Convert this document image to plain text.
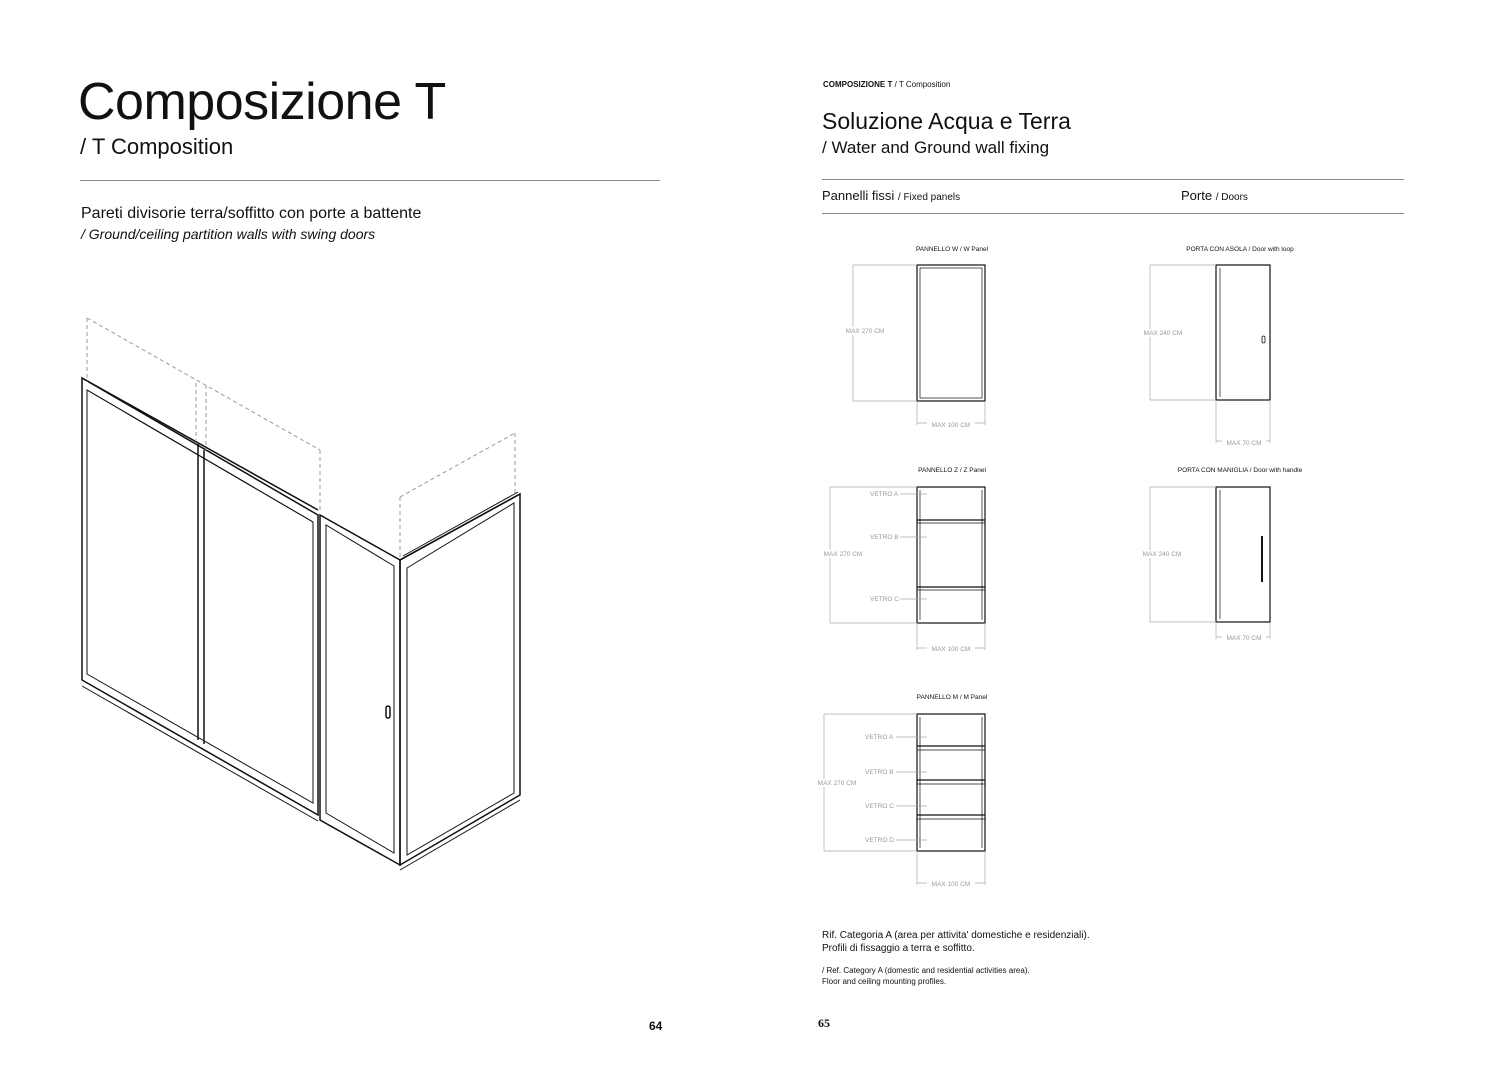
Composizione T
/ T Composition
Pareti divisorie terra/soffitto con porte a battente
/ Ground/ceiling partition walls with swing doors
64
COMPOSIZIONE T / T Composition
Soluzione Acqua e Terra
/ Water and Ground wall fixing
Pannelli fissi / Fixed panels	Porte / Doors
PANNELLO W / W Panel
MAX 270 CM
MAX 100 CM
PORTA CON ASOLA / Door with loop
MAX 240 CM
MAX 70 CM
PANNELLO Z / Z Panel
VETRO A
VETRO B
VETRO C
MAX 270 CM
MAX 100 CM
PORTA CON MANIGLIA / Door with handle
MAX 240 CM
MAX 70 CM
PANNELLO M / M Panel
VETRO A
VETRO B
VETRO C
VETRO D
MAX 270 CM
MAX 100 CM
Rif. Categoria A (area per attivita' domestiche e residenziali).
Profili di fissaggio a terra e soffitto.
/ Ref. Category A (domestic and residential activities area).
Floor and ceiling mounting profiles.
65
